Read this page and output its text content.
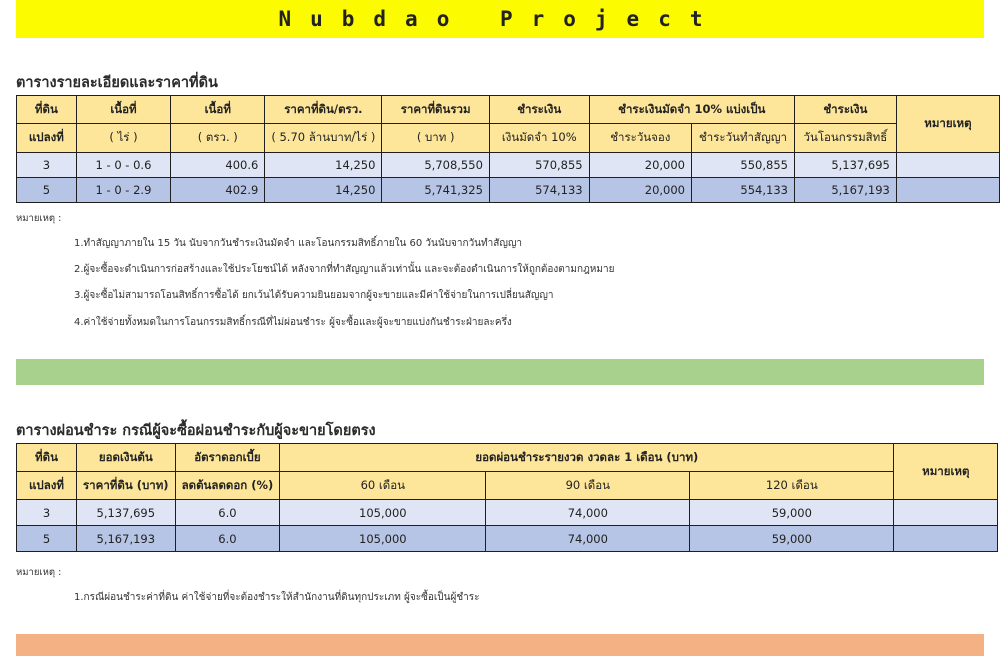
Nubdao Project
ตารางรายละเอียดและราคาที่ดิน
ที่ดิน	เนื้อที่	เนื้อที่	ราคาที่ดิน/ตรว.	ราคาที่ดินรวม	ชำระเงิน	ชำระเงินมัดจำ 10% แบ่งเป็น		ชำระเงิน	หมายเหตุ
แปลงที่	( ไร่ )	( ตรว. )	( 5.70 ล้านบาท/ไร่ )	( บาท )	เงินมัดจำ 10%	ชำระวันจอง	ชำระวันทำสัญญา	วันโอนกรรมสิทธิ์	
3	1 - 0 - 0.6	400.6	14,250	5,708,550	570,855	20,000	550,855	5,137,695	
5	1 - 0 - 2.9	402.9	14,250	5,741,325	574,133	20,000	554,133	5,167,193	
หมายเหตุ :
1.ทำสัญญาภายใน 15 วัน นับจากวันชำระเงินมัดจำ และโอนกรรมสิทธิ์ภายใน 60 วันนับจากวันทำสัญญา
2.ผู้จะซื้อจะดำเนินการก่อสร้างและใช้ประโยชน์ได้ หลังจากที่ทำสัญญาแล้วเท่านั้น และจะต้องดำเนินการให้ถูกต้องตามกฎหมาย
3.ผู้จะซื้อไม่สามารถโอนสิทธิ์การซื้อได้ ยกเว้นได้รับความยินยอมจากผู้จะขายและมีค่าใช้จ่ายในการเปลี่ยนสัญญา
4.ค่าใช้จ่ายทั้งหมดในการโอนกรรมสิทธิ์กรณีที่ไม่ผ่อนชำระ ผู้จะซื้อและผู้จะขายแบ่งกันชำระฝ่ายละครึ่ง
ตารางผ่อนชำระ กรณีผู้จะซื้อผ่อนชำระกับผู้จะขายโดยตรง
ที่ดิน	ยอดเงินต้น	อัตราดอกเบี้ย	ยอดผ่อนชำระรายงวด งวดละ 1 เดือน (บาท)			หมายเหตุ
แปลงที่	ราคาที่ดิน (บาท)	ลดต้นลดดอก (%)	60 เดือน	90 เดือน	120 เดือน	
3	5,137,695	6.0	105,000	74,000	59,000	
5	5,167,193	6.0	105,000	74,000	59,000	
หมายเหตุ :
1.กรณีผ่อนชำระค่าที่ดิน ค่าใช้จ่ายที่จะต้องชำระให้สำนักงานที่ดินทุกประเภท ผู้จะซื้อเป็นผู้ชำระ
